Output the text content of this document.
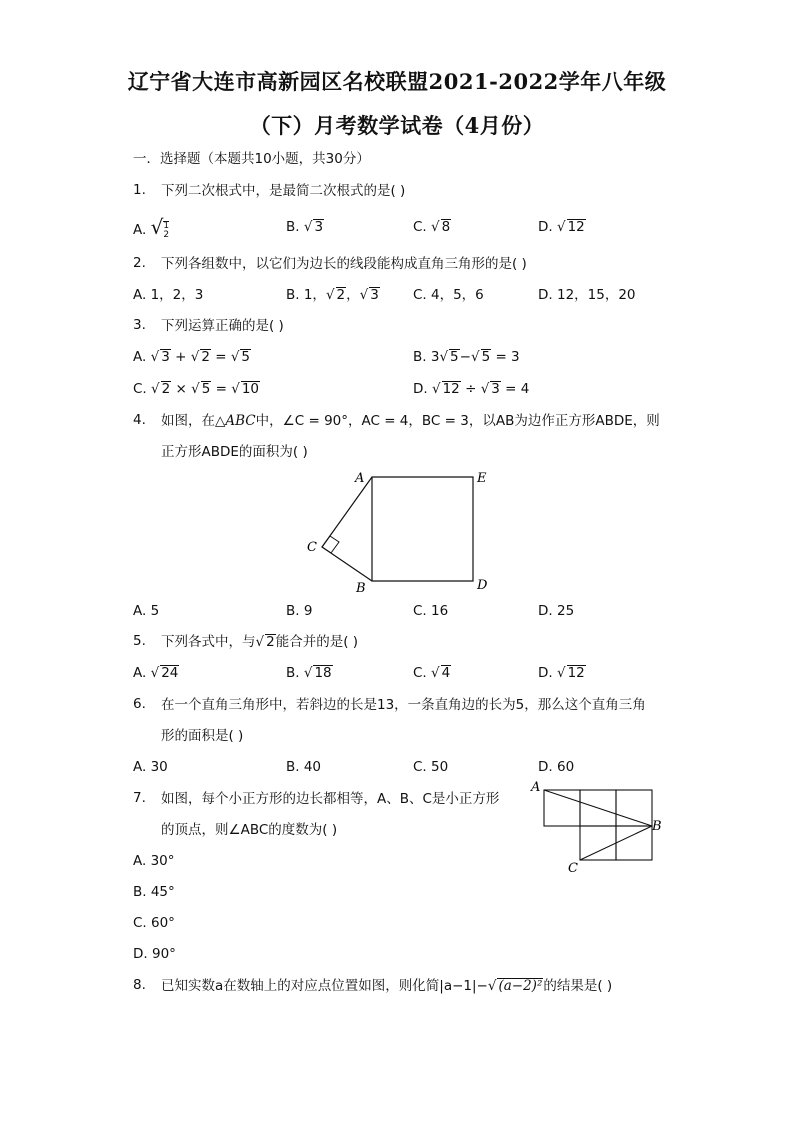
辽宁省大连市高新园区名校联盟2021-2022学年八年级
（下）月考数学试卷（4月份）
一．选择题（本题共10小题，共30分）
1.	下列二次根式中，是最简二次根式的是( )
A. √1
2	B. √ 3	C. √ 8	D. √ 12
2.	下列各组数中，以它们为边长的线段能构成直角三角形的是( )
A. 1，2，3	B. 1，√ 2，√ 3	C. 4，5，6	D. 12，15，20
3.	下列运算正确的是( )
A. √ 3 + √ 2 = √ 5	B. 3√ 5−√ 5 = 3
C. √ 2 × √ 5 = √ 10	D. √ 12 ÷ √ 3 = 4
4.	如图，在△ABC中，∠C = 90°，AC = 4，BC = 3，以AB为边作正方形ABDE，则
正方形ABDE的面积为( )
A	E
C
B	D
A. 5	B. 9	C. 16	D. 25
5.	下列各式中，与√ 2能合并的是( )
A. √ 24	B. √ 18	C. √ 4	D. √ 12
6.	在一个直角三角形中，若斜边的长是13，一条直角边的长为5，那么这个直角三角
形的面积是( )
A. 30	B. 40	C. 50	D. 60
7.	如图，每个小正方形的边长都相等，A、B、C是小正方形
的顶点，则∠ABC的度数为( )
A
B
C
A. 30°
B. 45°
C. 60°
D. 90°
8.	已知实数a在数轴上的对应点位置如图，则化简|a−1|−√ (a−2)²的结果是( )
